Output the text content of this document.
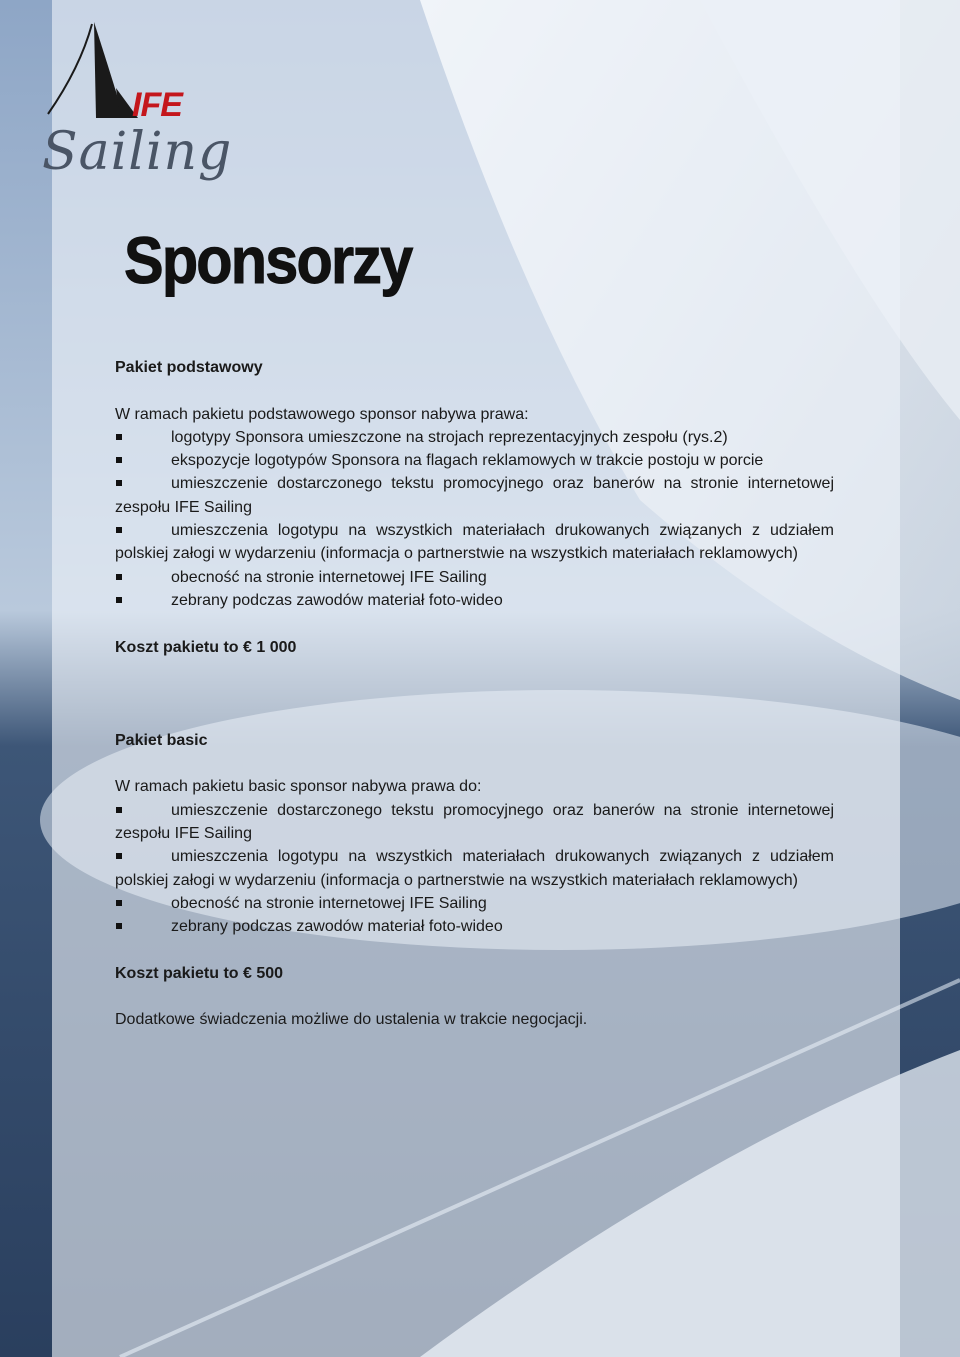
IFE
Sailing
Sponsorzy
Pakiet podstawowy
W ramach pakietu podstawowego sponsor nabywa prawa:
logotypy Sponsora umieszczone na strojach reprezentacyjnych zespołu (rys.2)
ekspozycje logotypów Sponsora na flagach reklamowych w trakcie postoju w porcie
umieszczenie dostarczonego tekstu promocyjnego oraz banerów na stronie internetowej zespołu IFE Sailing
umieszczenia logotypu na wszystkich materiałach drukowanych związanych z udziałem polskiej załogi w wydarzeniu (informacja o partnerstwie na wszystkich materiałach reklamowych)
obecność na stronie internetowej IFE Sailing
zebrany podczas zawodów materiał foto-wideo
Koszt pakietu to € 1 000
Pakiet basic
W ramach pakietu basic sponsor nabywa prawa do:
umieszczenie dostarczonego tekstu promocyjnego oraz banerów na stronie internetowej zespołu IFE Sailing
umieszczenia logotypu na wszystkich materiałach drukowanych związanych z udziałem polskiej załogi w wydarzeniu (informacja o partnerstwie na wszystkich materiałach reklamowych)
obecność na stronie internetowej IFE Sailing
zebrany podczas zawodów materiał foto-wideo
Koszt pakietu to € 500
Dodatkowe świadczenia możliwe do ustalenia w trakcie negocjacji.
